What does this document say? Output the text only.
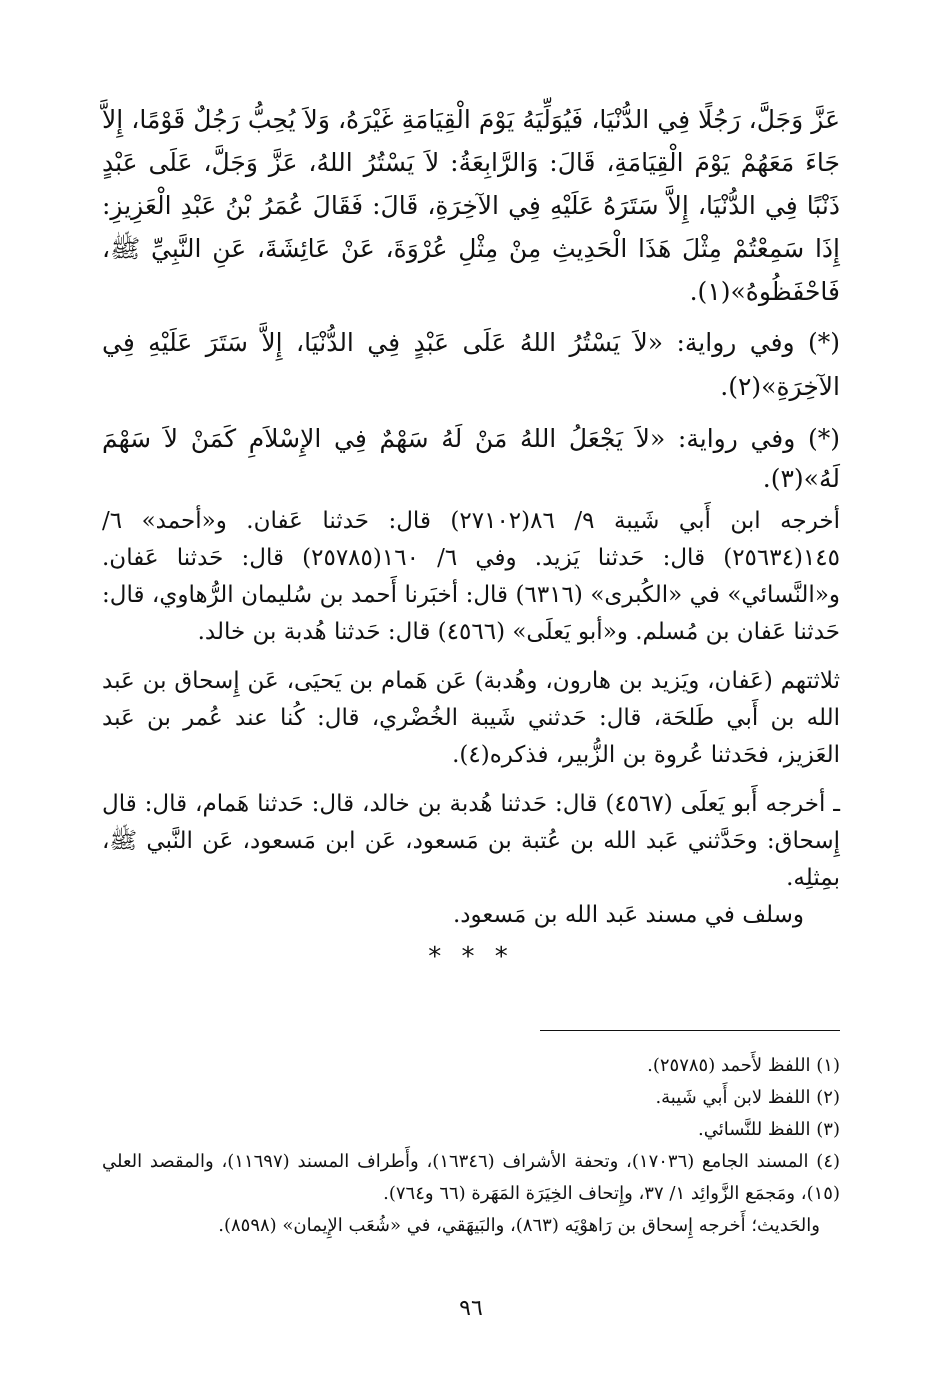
عَزَّ وَجَلَّ، رَجُلًا فِي الدُّنْيَا، فَيُوَلِّيَهُ يَوْمَ الْقِيَامَةِ غَيْرَهُ، وَلاَ يُحِبُّ رَجُلٌ قَوْمًا، إِلاَّ جَاءَ مَعَهُمْ يَوْمَ الْقِيَامَةِ، قَالَ: وَالرَّابِعَةُ: لاَ يَسْتُرُ اللهُ، عَزَّ وَجَلَّ، عَلَى عَبْدٍ ذَنْبًا فِي الدُّنْيَا، إِلاَّ سَتَرَهُ عَلَيْهِ فِي الآخِرَةِ، قَالَ: فَقَالَ عُمَرُ بْنُ عَبْدِ الْعَزِيزِ: إِذَا سَمِعْتُمْ مِثْلَ هَذَا الْحَدِيثِ مِنْ مِثْلِ عُرْوَةَ، عَنْ عَائِشَةَ، عَنِ النَّبِيِّ ﷺ، فَاحْفَظُوهُ»(١).

(*) وفي رواية: «لاَ يَسْتُرُ اللهُ عَلَى عَبْدٍ فِي الدُّنْيَا، إِلاَّ سَتَرَ عَلَيْهِ فِي الآخِرَةِ»(٢).

(*) وفي رواية: «لاَ يَجْعَلُ اللهُ مَنْ لَهُ سَهْمٌ فِي الإِسْلاَمِ كَمَنْ لاَ سَهْمَ لَهُ»(٣).

أخرجه ابن أَبي شَيبة ٩/ ٨٦(٢٧١٠٢) قال: حَدثنا عَفان. و«أحمد» ٦/ ١٤٥(٢٥٦٣٤) قال: حَدثنا يَزيد. وفي ٦/ ١٦٠(٢٥٧٨٥) قال: حَدثنا عَفان. و«النَّسائي» في «الكُبرى» (٦٣١٦) قال: أخبَرنا أَحمد بن سُليمان الرُّهاوي، قال: حَدثنا عَفان بن مُسلم. و«أبو يَعلَى» (٤٥٦٦) قال: حَدثنا هُدبة بن خالد.

ثلاثتهم (عَفان، ويَزيد بن هارون، وهُدبة) عَن هَمام بن يَحيَى، عَن إِسحاق بن عَبد الله بن أَبي طَلحَة، قال: حَدثني شَيبة الخُضْري، قال: كُنا عند عُمر بن عَبد العَزيز، فحَدثنا عُروة بن الزُّبير، فذكره(٤).

ـ أخرجه أَبو يَعلَى (٤٥٦٧) قال: حَدثنا هُدبة بن خالد، قال: حَدثنا هَمام، قال: قال إِسحاق: وحَدَّثني عَبد الله بن عُتبة بن مَسعود، عَن ابن مَسعود، عَن النَّبي ﷺ، بمِثلِه.

وسلف في مسند عَبد الله بن مَسعود.

* * *

(١) اللفظ لأَحمد (٢٥٧٨٥).

(٢) اللفظ لابن أَبي شَيبة.

(٣) اللفظ للنَّسائي.

(٤) المسند الجامع (١٧٠٣٦)، وتحفة الأشراف (١٦٣٤٦)، وأَطراف المسند (١١٦٩٧)، والمقصد العلي (١٥)، ومَجمَع الزَّوائِد ١/ ٣٧، وإِتحاف الخِيَرَة المَهَرة (٦٦ و٧٦٤).

والحَديث؛ أَخرجه إِسحاق بن رَاهوْيَه (٨٦٣)، والبَيهَقي، في «شُعَب الإِيمان» (٨٥٩٨).

٩٦
